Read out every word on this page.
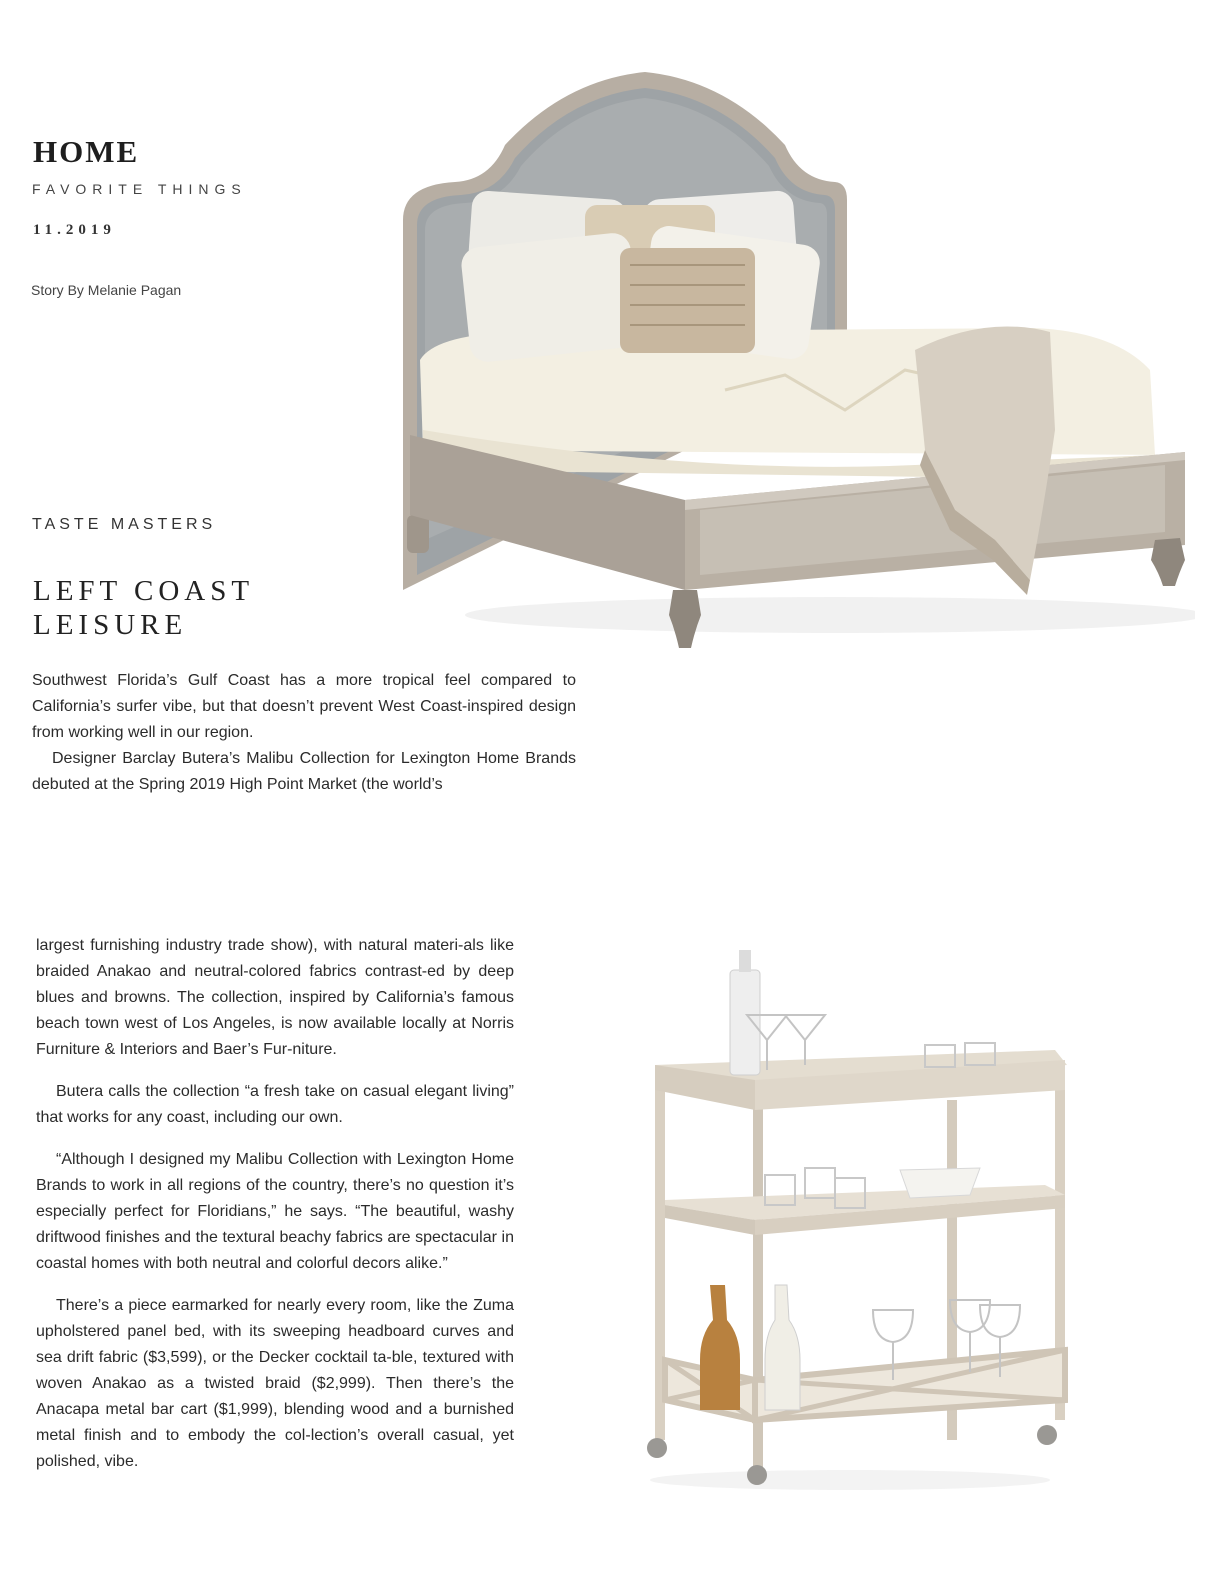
HOME
FAVORITE THINGS
11.2019
Story By Melanie Pagan
TASTE MASTERS
LEFT COAST
LEISURE

Southwest Florida’s Gulf Coast has a more tropical feel compared to California’s surfer vibe, but that doesn’t prevent West Coast-inspired design from working well in our region.

Designer Barclay Butera’s Malibu Collection for Lexington Home Brands debuted at the Spring 2019 High Point Market (the world’s

largest furnishing industry trade show), with natural materi-als like braided Anakao and neutral-colored fabrics contrast-ed by deep blues and browns. The collection, inspired by California’s famous beach town west of Los Angeles, is now available locally at Norris Furniture & Interiors and Baer’s Fur-niture.

Butera calls the collection “a fresh take on casual elegant living” that works for any coast, including our own.

“Although I designed my Malibu Collection with Lexington Home Brands to work in all regions of the country, there’s no question it’s especially perfect for Floridians,” he says. “The beautiful, washy driftwood finishes and the textural beachy fabrics are spectacular in coastal homes with both neutral and colorful decors alike.”

There’s a piece earmarked for nearly every room, like the Zuma upholstered panel bed, with its sweeping headboard curves and sea drift fabric ($3,599), or the Decker cocktail ta-ble, textured with woven Anakao as a twisted braid ($2,999). Then there’s the Anacapa metal bar cart ($1,999), blending wood and a burnished metal finish and to embody the col-lection’s overall casual, yet polished, vibe.
